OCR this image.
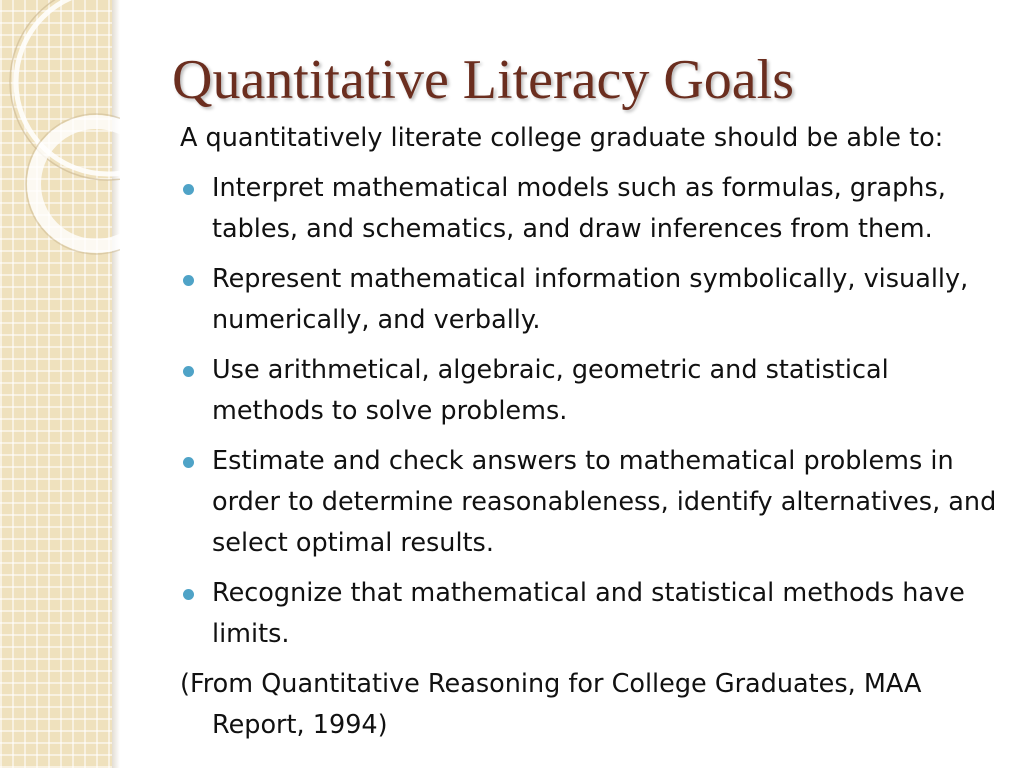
Quantitative Literacy Goals

A quantitatively literate college graduate should be able to:

Interpret mathematical models such as formulas, graphs, tables, and schematics, and draw inferences from them.
Represent mathematical information symbolically, visually, numerically, and verbally.
Use arithmetical, algebraic, geometric and statistical methods to solve problems.
Estimate and check answers to mathematical problems in order to determine reasonableness, identify alternatives, and select optimal results.
Recognize that mathematical and statistical methods have limits.

(From Quantitative Reasoning for College Graduates, MAA Report, 1994)
